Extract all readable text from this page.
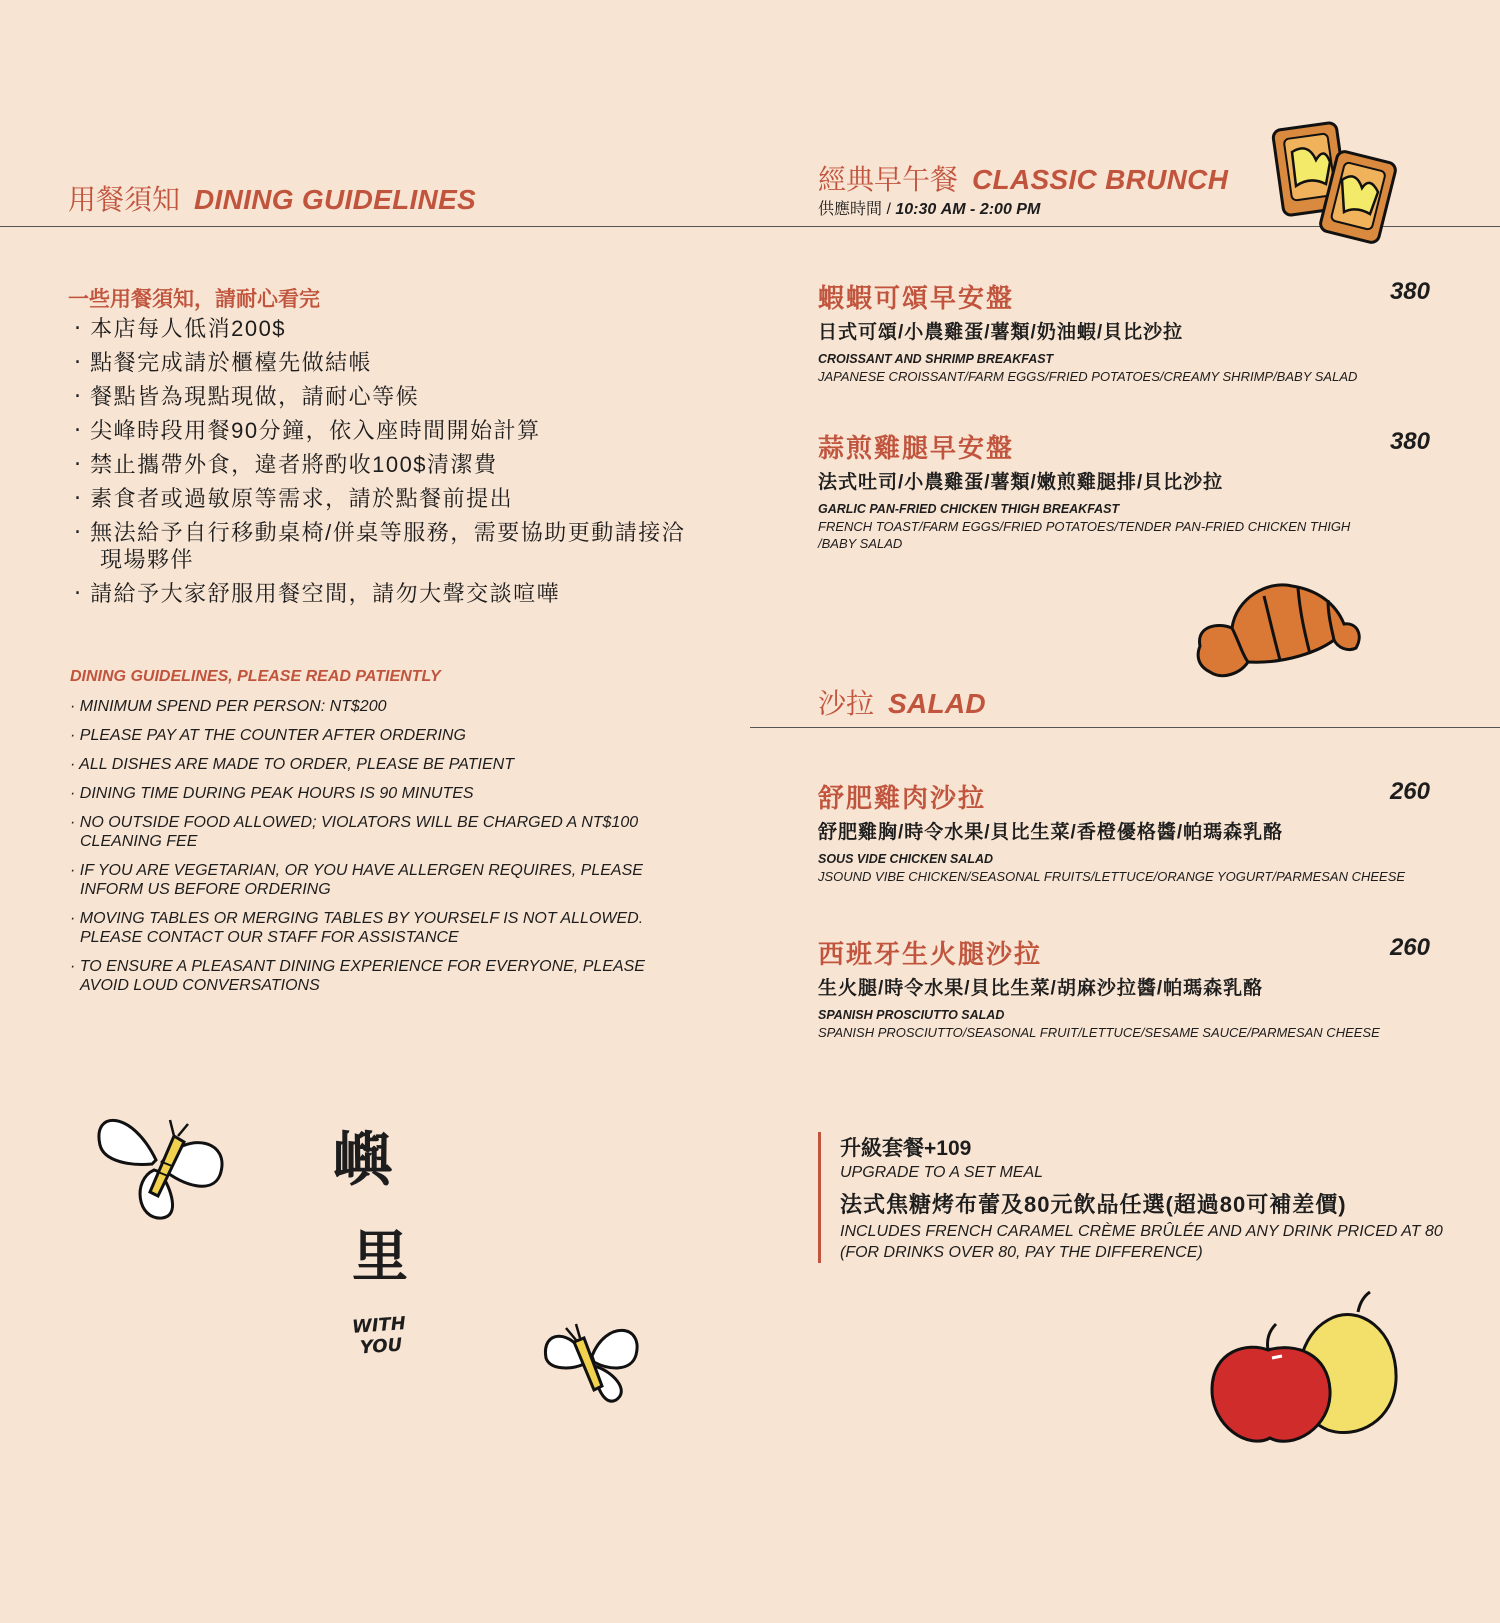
用餐須知 DINING GUIDELINES
一些用餐須知，請耐心看完
‧ 本店每人低消200$
‧ 點餐完成請於櫃檯先做結帳
‧ 餐點皆為現點現做，請耐心等候
‧ 尖峰時段用餐90分鐘，依入座時間開始計算
‧ 禁止攜帶外食，違者將酌收100$清潔費
‧ 素食者或過敏原等需求，請於點餐前提出
‧ 無法給予自行移動桌椅/併桌等服務，需要協助更動請接洽現場夥伴
‧ 請給予大家舒服用餐空間，請勿大聲交談喧嘩
DINING GUIDELINES, PLEASE READ PATIENTLY
· MINIMUM SPEND PER PERSON: NT$200
· PLEASE PAY AT THE COUNTER AFTER ORDERING
· ALL DISHES ARE MADE TO ORDER, PLEASE BE PATIENT
· DINING TIME DURING PEAK HOURS IS 90 MINUTES
· NO OUTSIDE FOOD ALLOWED; VIOLATORS WILL BE CHARGED A NT$100 CLEANING FEE
· IF YOU ARE VEGETARIAN, OR YOU HAVE ALLERGEN REQUIRES, PLEASE INFORM US BEFORE ORDERING
· MOVING TABLES OR MERGING TABLES BY YOURSELF IS NOT ALLOWED. PLEASE CONTACT OUR STAFF FOR ASSISTANCE
· TO ENSURE A PLEASANT DINING EXPERIENCE FOR EVERYONE, PLEASE AVOID LOUD CONVERSATIONS
嶼
里
WITH
YOU
經典早午餐 CLASSIC BRUNCH
供應時間 / 10:30 AM - 2:00 PM
蝦蝦可頌早安盤	380
日式可頌/小農雞蛋/薯類/奶油蝦/貝比沙拉
CROISSANT AND SHRIMP BREAKFAST
JAPANESE CROISSANT/FARM EGGS/FRIED POTATOES/CREAMY SHRIMP/BABY SALAD
蒜煎雞腿早安盤	380
法式吐司/小農雞蛋/薯類/嫩煎雞腿排/貝比沙拉
GARLIC PAN-FRIED CHICKEN THIGH BREAKFAST
FRENCH TOAST/FARM EGGS/FRIED POTATOES/TENDER PAN-FRIED CHICKEN THIGH /BABY SALAD
沙拉 SALAD
舒肥雞肉沙拉	260
舒肥雞胸/時令水果/貝比生菜/香橙優格醬/帕瑪森乳酪
SOUS VIDE CHICKEN SALAD
JSOUND VIBE CHICKEN/SEASONAL FRUITS/LETTUCE/ORANGE YOGURT/PARMESAN CHEESE
西班牙生火腿沙拉	260
生火腿/時令水果/貝比生菜/胡麻沙拉醬/帕瑪森乳酪
SPANISH PROSCIUTTO SALAD
SPANISH PROSCIUTTO/SEASONAL FRUIT/LETTUCE/SESAME SAUCE/PARMESAN CHEESE
升級套餐+109
UPGRADE TO A SET MEAL
法式焦糖烤布蕾及80元飲品任選(超過80可補差價)
INCLUDES FRENCH CARAMEL CRÈME BRÛLÉE AND ANY DRINK PRICED AT 80 (FOR DRINKS OVER 80, PAY THE DIFFERENCE)
